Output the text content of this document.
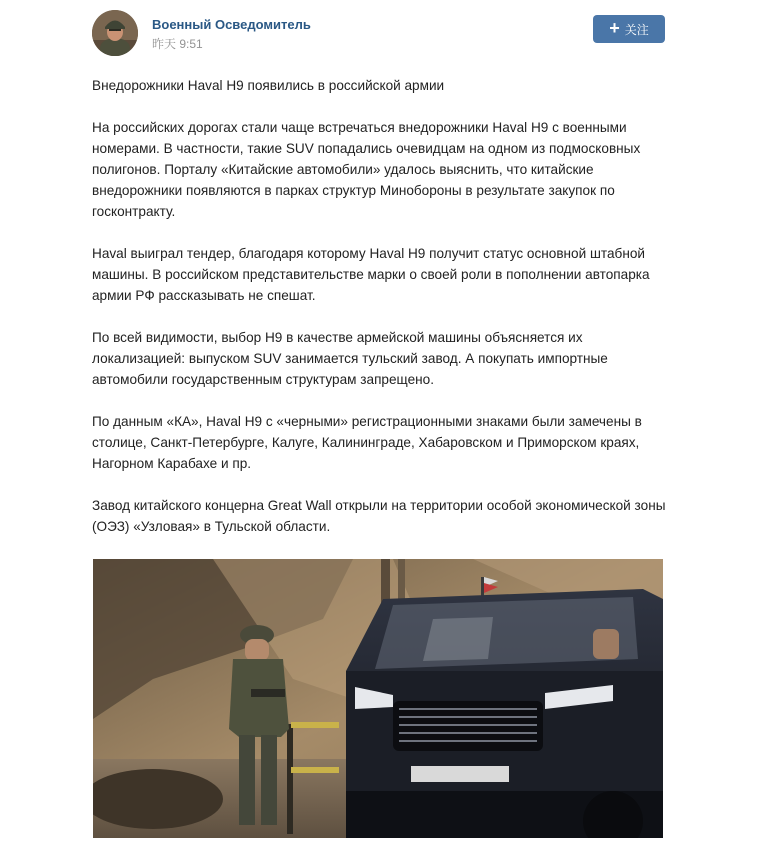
Военный Осведомитель
昨天 9:51
+ 关注

Внедорожники Haval H9 появились в российской армии

На российских дорогах стали чаще встречаться внедорожники Haval H9 с военными номерами. В частности, такие SUV попадались очевидцам на одном из подмосковных полигонов. Порталу «Китайские автомобили» удалось выяснить, что китайские внедорожники появляются в парках структур Минобороны в результате закупок по госконтракту.

Haval выиграл тендер, благодаря которому Haval H9 получит статус основной штабной машины. В российском представительстве марки о своей роли в пополнении автопарка армии РФ рассказывать не спешат.

По всей видимости, выбор H9 в качестве армейской машины объясняется их локализацией: выпуском SUV занимается тульский завод. А покупать импортные автомобили государственным структурам запрещено.

По данным «КА», Haval H9 с «черными» регистрационными знаками были замечены в столице, Санкт-Петербурге, Калуге, Калининграде, Хабаровском и Приморском краях, Нагорном Карабахе и пр.

Завод китайского концерна Great Wall открыли на территории особой экономической зоны (ОЭЗ) «Узловая» в Тульской области.
